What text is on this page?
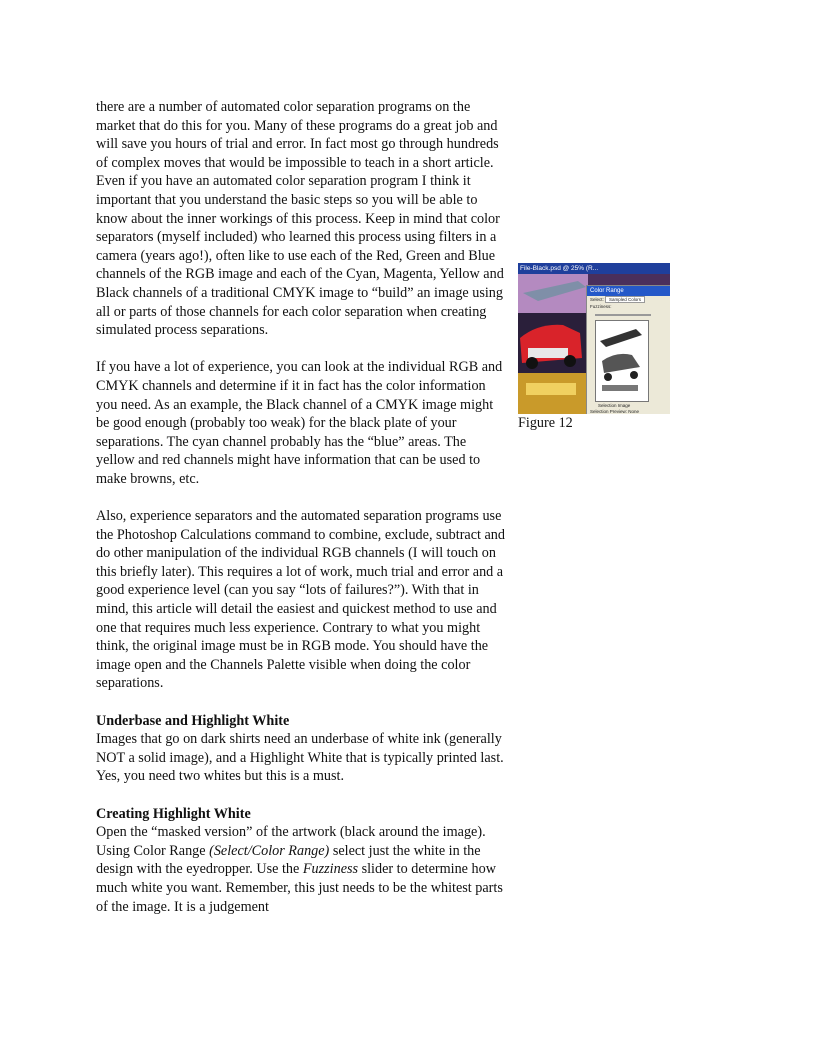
there are a number of automated color separation programs on the market that do this for you. Many of these programs do a great job and will save you hours of trial and error. In fact most go through hundreds of complex moves that would be impossible to teach in a short article. Even if you have an automated color separation program I think it important that you understand the basic steps so you will be able to know about the inner workings of this process. Keep in mind that color separators (myself included) who learned this process using filters in a camera (years ago!), often like to use each of the Red, Green and Blue channels of the RGB image and each of the Cyan, Magenta, Yellow and Black channels of a traditional CMYK image to “build” an image using all or parts of those channels for each color separation when creating simulated process separations.

If you have a lot of experience, you can look at the individual RGB and CMYK channels and determine if it in fact has the color information you need. As an example, the Black channel of a CMYK image might be good enough (probably too weak) for the black plate of your separations. The cyan channel probably has the “blue” areas. The yellow and red channels might have information that can be used to make browns, etc.

Also, experience separators and the automated separation programs use the Photoshop Calculations command to combine, exclude, subtract and do other manipulation of the individual RGB channels (I will touch on this briefly later). This requires a lot of work, much trial and error and a good experience level (can you say “lots of failures?”). With that in mind, this article will detail the easiest and quickest method to use and one that requires much less experience. Contrary to what you might think, the original image must be in RGB mode. You should have the image open and the Channels Palette visible when doing the color separations.

Underbase and Highlight White

Images that go on dark shirts need an underbase of white ink (generally NOT a solid image), and a Highlight White that is typically printed last. Yes, you need two whites but this is a must.

Creating Highlight White

Open the “masked version” of the artwork (black around the image). Using Color Range (Select/Color Range) select just the white in the design with the eyedropper. Use the Fuzziness slider to determine how much white you want. Remember, this just needs to be the whitest parts of the image. It is a judgement

File-Black.psd @ 25% (R...
Color Range
Select: Sampled Colors
Fuzziness:
Selection Image
Selection Preview: None
Figure 12
